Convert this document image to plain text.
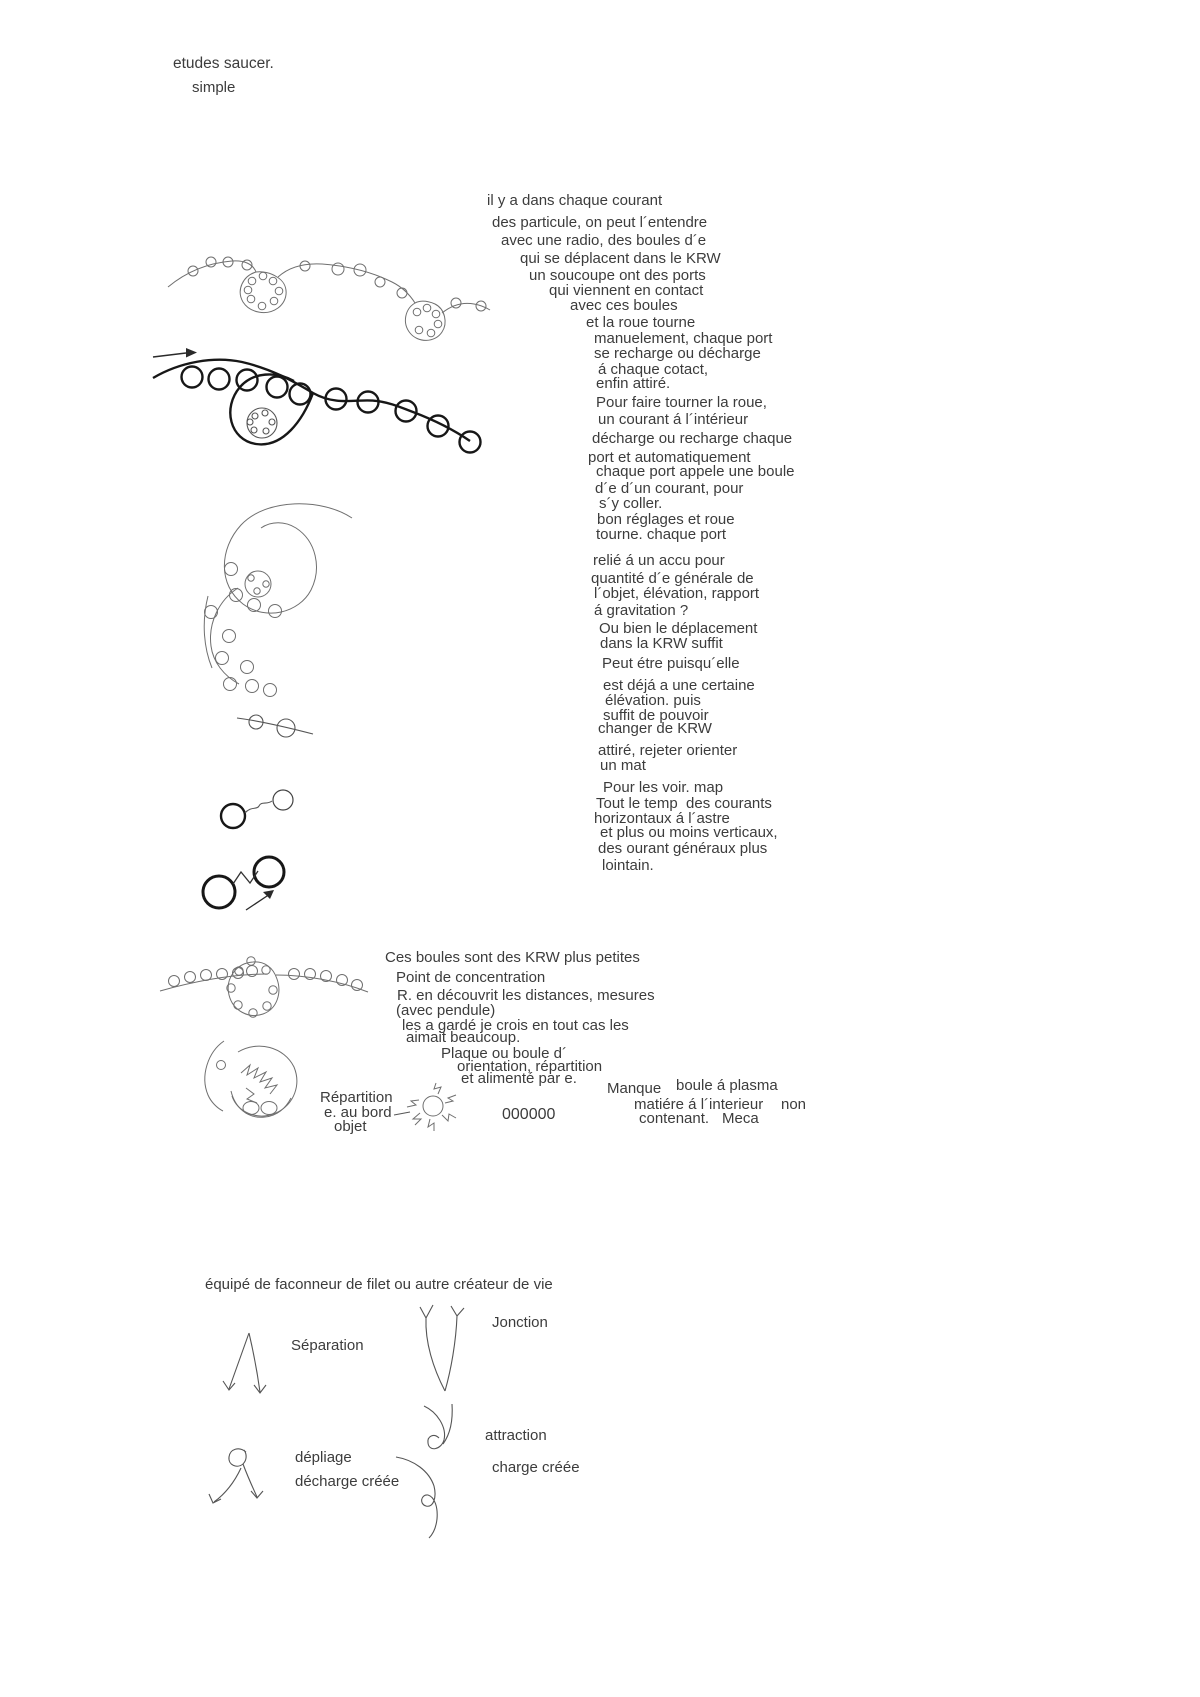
etudes saucer.
simple
il y a dans chaque courant
des particule, on peut l´entendre
avec une radio, des boules d´e
qui se déplacent dans le KRW
un soucoupe ont des ports
qui viennent en contact
avec ces boules
et la roue tourne
manuelement, chaque port
se recharge ou décharge
á chaque cotact,
enfin attiré.
Pour faire tourner la roue,
un courant á l´intérieur
décharge ou recharge chaque
port et automatiquement
chaque port appele une boule
d´e d´un courant, pour
s´y coller.
bon réglages et roue
tourne. chaque port
relié á un accu pour
quantité d´e générale de
l´objet, élévation, rapport
á gravitation ?
Ou bien le déplacement
dans la KRW suffit
Peut étre puisqu´elle
est déjá a une certaine
élévation. puis
suffit de pouvoir
changer de KRW
attiré, rejeter orienter
un mat
Pour les voir. map
Tout le temp  des courants
horizontaux á l´astre
et plus ou moins verticaux,
des ourant généraux plus
lointain.
Ces boules sont des KRW plus petites
Point de concentration
R. en découvrit les distances, mesures
(avec pendule)
les a gardé je crois en tout cas les
aimait beaucoup.
Plaque ou boule d´
orientation, répartition
et alimenté par e.
Répartition
e. au bord
objet
000000
Manque boule á plasma
matiére á l´interieur non
contenant. Meca
équipé de faconneur de filet ou autre créateur de vie
Jonction
Séparation
attraction
dépliage
décharge créée
charge créée
